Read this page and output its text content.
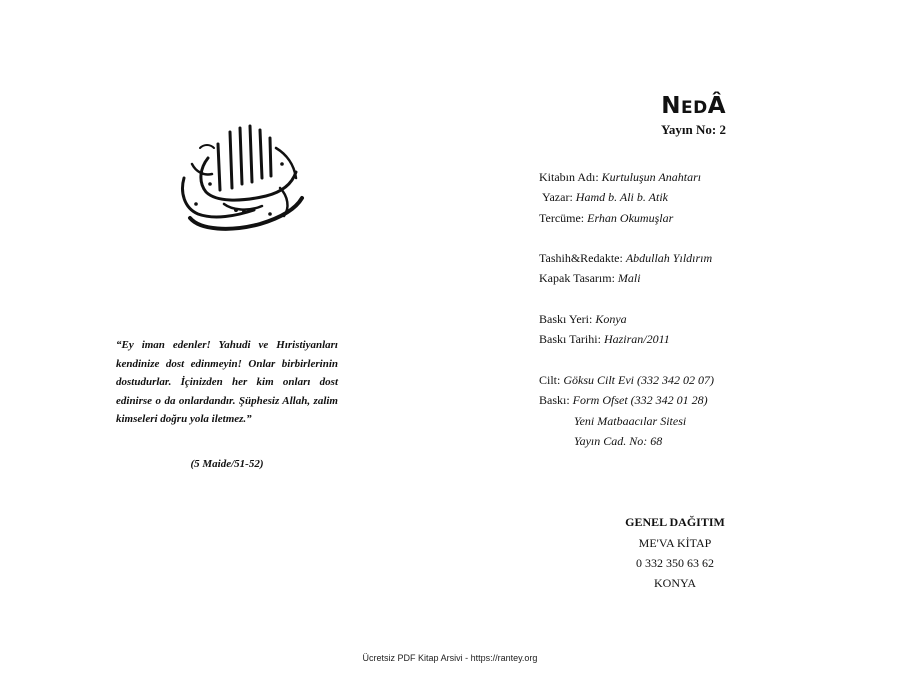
“Ey iman edenler! Yahudi ve Hıristiyanları kendinize dost edinmeyin! Onlar birbirlerinin dostudurlar. İçinizden her kim onları dost edinirse o da onlardandır. Şüphesiz Allah, zalim kimseleri doğru yola iletmez.”
(5 Maide/51-52)
NEDÂ
Yayın No: 2
Kitabın Adı: Kurtuluşun Anahtarı
Yazar: Hamd b. Ali b. Atik
Tercüme: Erhan Okumuşlar
Tashih&Redakte: Abdullah Yıldırım
Kapak Tasarım: Mali
Baskı Yeri: Konya
Baskı Tarihi: Haziran/2011
Cilt: Göksu Cilt Evi (332 342 02 07)
Baskı: Form Ofset (332 342 01 28)
Yeni Matbaacılar Sitesi
Yayın Cad. No: 68
GENEL DAĞITIM
ME'VA KİTAP
0 332 350 63 62
KONYA
Ücretsiz PDF Kitap Arsivi - https://rantey.org
